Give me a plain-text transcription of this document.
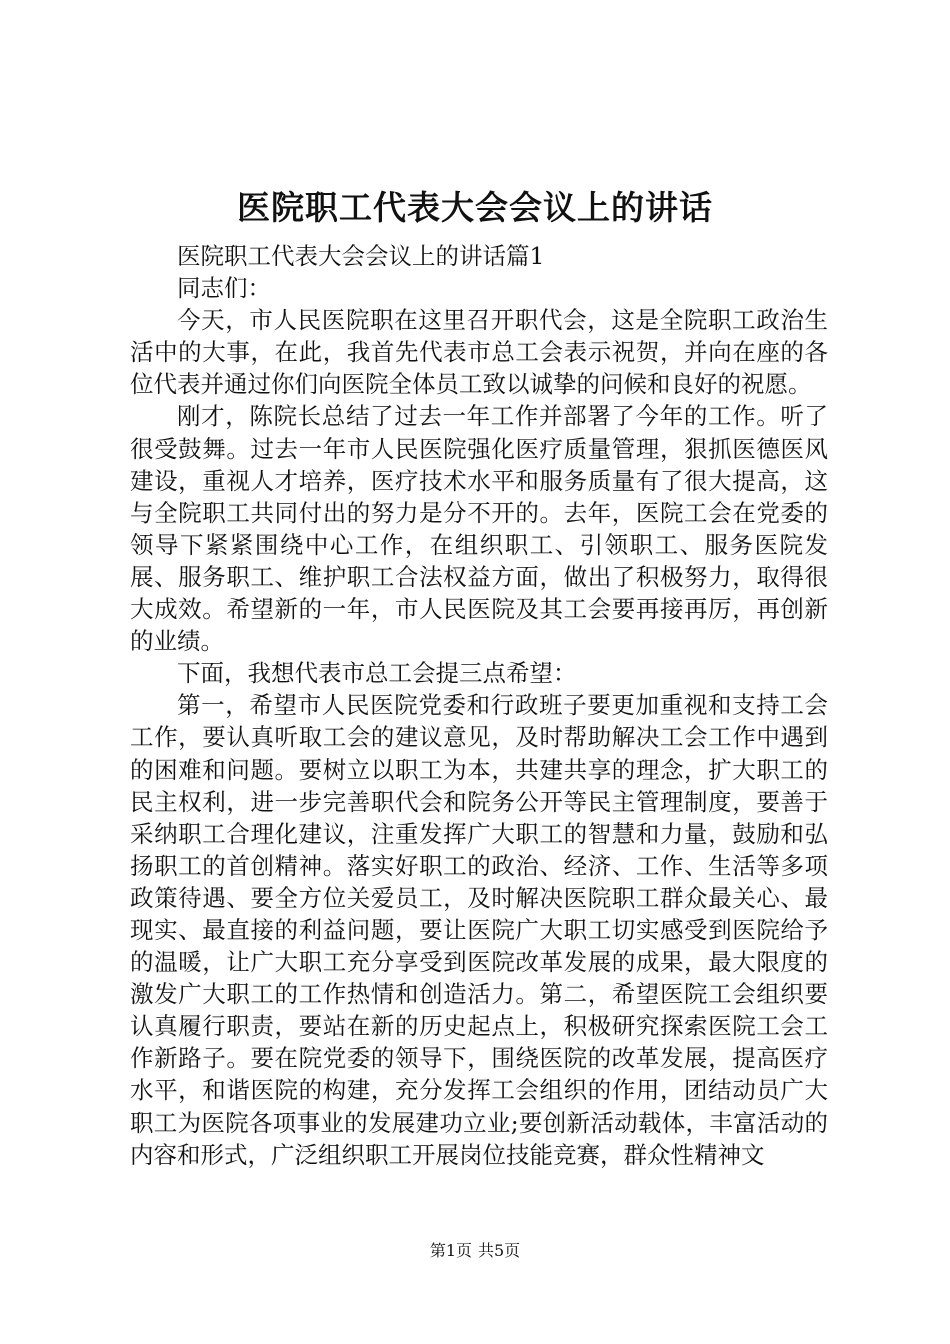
医院职工代表大会会议上的讲话

医院职工代表大会会议上的讲话篇1

同志们：

今天，市人民医院职在这里召开职代会，这是全院职工政治生活中的大事，在此，我首先代表市总工会表示祝贺，并向在座的各位代表并通过你们向医院全体员工致以诚挚的问候和良好的祝愿。

刚才，陈院长总结了过去一年工作并部署了今年的工作。听了很受鼓舞。过去一年市人民医院强化医疗质量管理，狠抓医德医风建设，重视人才培养，医疗技术水平和服务质量有了很大提高，这与全院职工共同付出的努力是分不开的。去年，医院工会在党委的领导下紧紧围绕中心工作，在组织职工、引领职工、服务医院发展、服务职工、维护职工合法权益方面，做出了积极努力，取得很大成效。希望新的一年，市人民医院及其工会要再接再厉，再创新的业绩。

下面，我想代表市总工会提三点希望：

第一，希望市人民医院党委和行政班子要更加重视和支持工会工作，要认真听取工会的建议意见，及时帮助解决工会工作中遇到的困难和问题。要树立以职工为本，共建共享的理念，扩大职工的民主权利，进一步完善职代会和院务公开等民主管理制度，要善于采纳职工合理化建议，注重发挥广大职工的智慧和力量，鼓励和弘扬职工的首创精神。落实好职工的政治、经济、工作、生活等多项政策待遇、要全方位关爱员工，及时解决医院职工群众最关心、最现实、最直接的利益问题，要让医院广大职工切实感受到医院给予的温暖，让广大职工充分享受到医院改革发展的成果，最大限度的激发广大职工的工作热情和创造活力。第二，希望医院工会组织要认真履行职责，要站在新的历史起点上，积极研究探索医院工会工作新路子。要在院党委的领导下，围绕医院的改革发展，提高医疗水平，和谐医院的构建，充分发挥工会组织的作用，团结动员广大职工为医院各项事业的发展建功立业;要创新活动载体，丰富活动的内容和形式，广泛组织职工开展岗位技能竞赛，群众性精神文

第1页 共5页
